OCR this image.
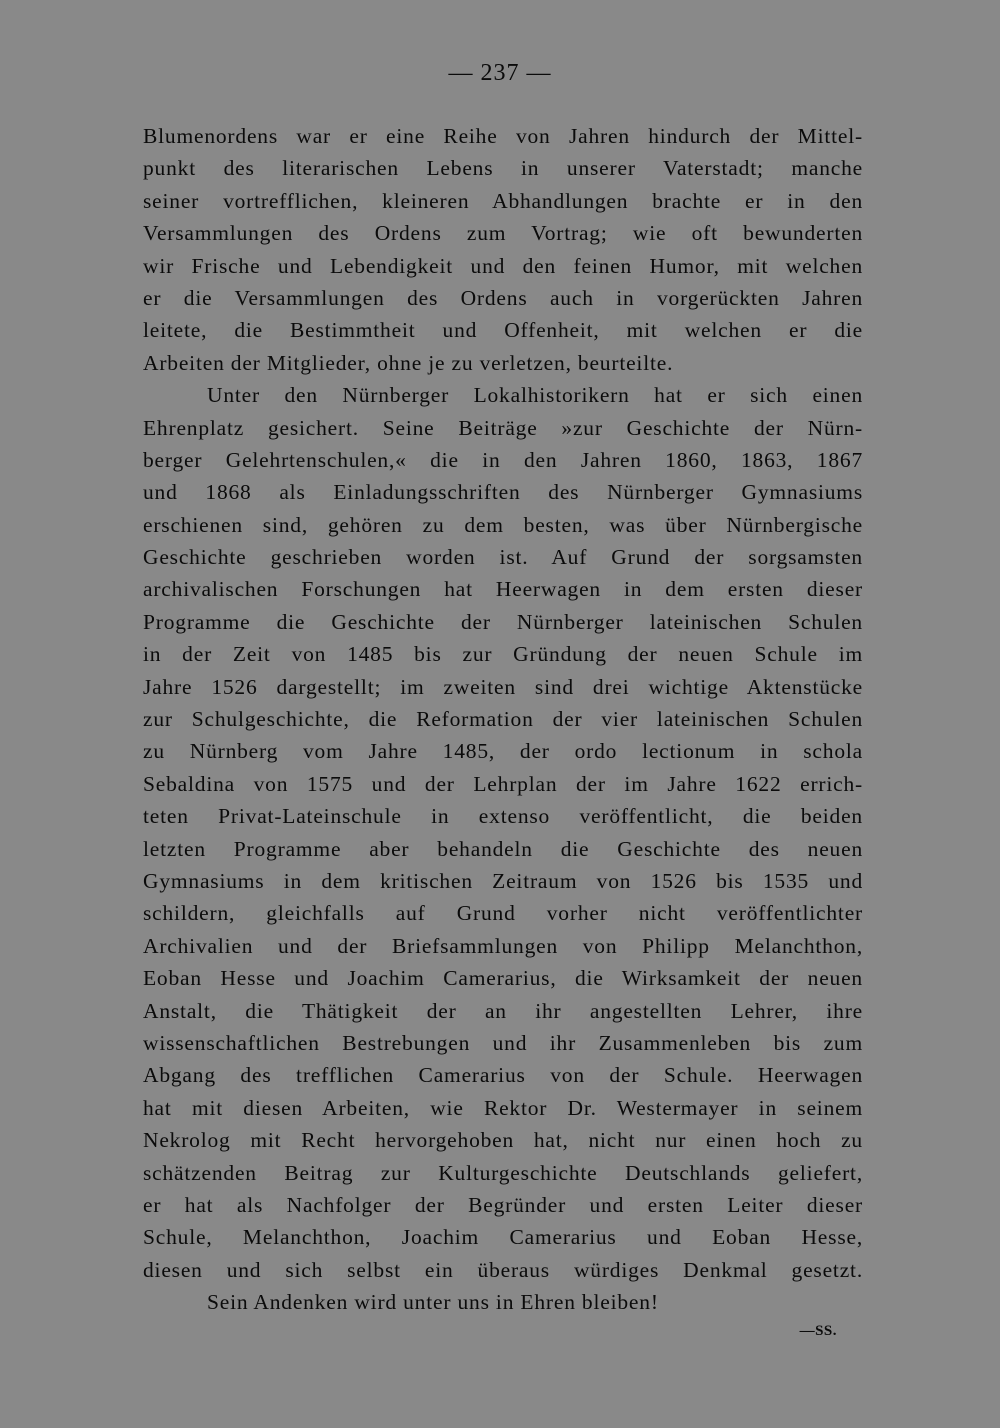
— 237 —
Blumenordens war er eine Reihe von Jahren hindurch der Mittel-
punkt des literarischen Lebens in unserer Vaterstadt; manche
seiner vortrefflichen, kleineren Abhandlungen brachte er in den
Versammlungen des Ordens zum Vortrag; wie oft bewunderten
wir Frische und Lebendigkeit und den feinen Humor, mit welchen
er die Versammlungen des Ordens auch in vorgerückten Jahren
leitete, die Bestimmtheit und Offenheit, mit welchen er die
Arbeiten der Mitglieder, ohne je zu verletzen, beurteilte.
Unter den Nürnberger Lokalhistorikern hat er sich einen
Ehrenplatz gesichert. Seine Beiträge »zur Geschichte der Nürn-
berger Gelehrtenschulen,« die in den Jahren 1860, 1863, 1867
und 1868 als Einladungsschriften des Nürnberger Gymnasiums
erschienen sind, gehören zu dem besten, was über Nürnbergische
Geschichte geschrieben worden ist. Auf Grund der sorgsamsten
archivalischen Forschungen hat Heerwagen in dem ersten dieser
Programme die Geschichte der Nürnberger lateinischen Schulen
in der Zeit von 1485 bis zur Gründung der neuen Schule im
Jahre 1526 dargestellt; im zweiten sind drei wichtige Aktenstücke
zur Schulgeschichte, die Reformation der vier lateinischen Schulen
zu Nürnberg vom Jahre 1485, der ordo lectionum in schola
Sebaldina von 1575 und der Lehrplan der im Jahre 1622 errich-
teten Privat-Lateinschule in extenso veröffentlicht, die beiden
letzten Programme aber behandeln die Geschichte des neuen
Gymnasiums in dem kritischen Zeitraum von 1526 bis 1535 und
schildern, gleichfalls auf Grund vorher nicht veröffentlichter
Archivalien und der Briefsammlungen von Philipp Melanchthon,
Eoban Hesse und Joachim Camerarius, die Wirksamkeit der neuen
Anstalt, die Thätigkeit der an ihr angestellten Lehrer, ihre
wissenschaftlichen Bestrebungen und ihr Zusammenleben bis zum
Abgang des trefflichen Camerarius von der Schule. Heerwagen
hat mit diesen Arbeiten, wie Rektor Dr. Westermayer in seinem
Nekrolog mit Recht hervorgehoben hat, nicht nur einen hoch zu
schätzenden Beitrag zur Kulturgeschichte Deutschlands geliefert,
er hat als Nachfolger der Begründer und ersten Leiter dieser
Schule, Melanchthon, Joachim Camerarius und Eoban Hesse,
diesen und sich selbst ein überaus würdiges Denkmal gesetzt.
Sein Andenken wird unter uns in Ehren bleiben!
—SS.
